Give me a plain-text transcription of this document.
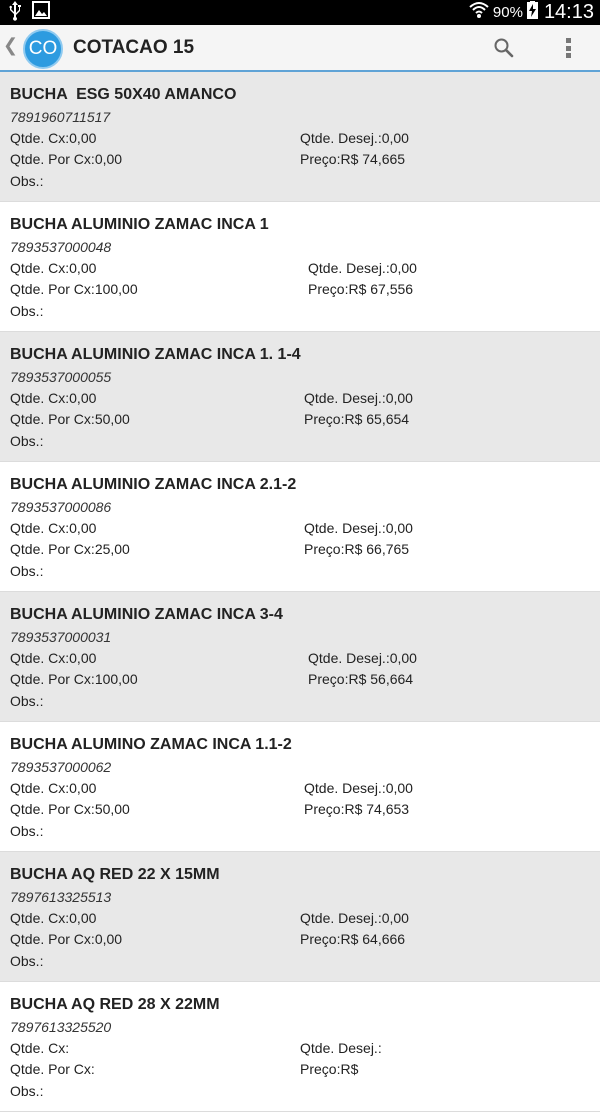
90% 14:13
❮ CO COTACAO 15
BUCHA  ESG 50X40 AMANCO
7891960711517
Qtde. Cx:0,00
Qtde. Por Cx:0,00
Obs.:
Qtde. Desej.:0,00
Preço:R$ 74,665
BUCHA ALUMINIO ZAMAC INCA 1
7893537000048
Qtde. Cx:0,00
Qtde. Por Cx:100,00
Obs.:
Qtde. Desej.:0,00
Preço:R$ 67,556
BUCHA ALUMINIO ZAMAC INCA 1. 1-4
7893537000055
Qtde. Cx:0,00
Qtde. Por Cx:50,00
Obs.:
Qtde. Desej.:0,00
Preço:R$ 65,654
BUCHA ALUMINIO ZAMAC INCA 2.1-2
7893537000086
Qtde. Cx:0,00
Qtde. Por Cx:25,00
Obs.:
Qtde. Desej.:0,00
Preço:R$ 66,765
BUCHA ALUMINIO ZAMAC INCA 3-4
7893537000031
Qtde. Cx:0,00
Qtde. Por Cx:100,00
Obs.:
Qtde. Desej.:0,00
Preço:R$ 56,664
BUCHA ALUMINO ZAMAC INCA 1.1-2
7893537000062
Qtde. Cx:0,00
Qtde. Por Cx:50,00
Obs.:
Qtde. Desej.:0,00
Preço:R$ 74,653
BUCHA AQ RED 22 X 15MM
7897613325513
Qtde. Cx:0,00
Qtde. Por Cx:0,00
Obs.:
Qtde. Desej.:0,00
Preço:R$ 64,666
BUCHA AQ RED 28 X 22MM
7897613325520
Qtde. Cx:
Qtde. Por Cx:
Obs.:
Qtde. Desej.:
Preço:R$
